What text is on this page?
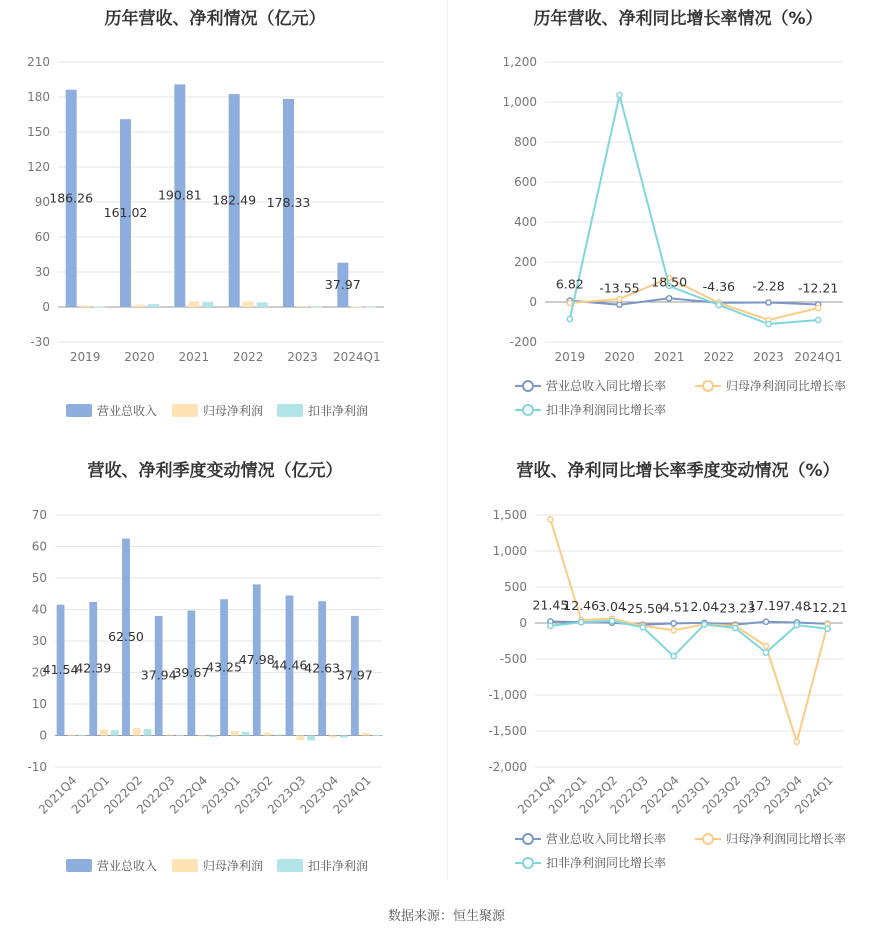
历年营收、净利情况（亿元）
210
180
150
120
90
60
30
0
-30
2019 2020 2021 2022 2023 2024Q1
186.26
161.02
190.81 182.49 178.33
37.97
营业总收入	归母净利润	扣非净利润
历年营收、净利同比增长率情况（%）
1,200
1,000
800
600
400
200
0
-200
2019 2020 2021 2022 2023 2024Q1
6.82 -13.55 18.50 -4.36 -2.28 -12.21
营业总收入同比增长率	归母净利润同比增长率
扣非净利润同比增长率
营收、净利季度变动情况（亿元）
70
60
50
40
30
20
10
0
-10
2021Q4
2022Q1
2022Q2
2022Q3
2022Q4
2023Q1
2023Q2
2023Q3
2023Q4
2024Q1
41.54
42.39
62.50
37.94
39.67
43.25
47.98
44.46
42.63
37.97
营业总收入	归母净利润	扣非净利润
营收、净利同比增长率季度变动情况（%）
1,500
1,000
500
0
-500
-1,000
-1,500
-2,000
2021Q4
2022Q1
2022Q2
2022Q3
2022Q4
2023Q1
2023Q2
2023Q3
2023Q4
2024Q1
21.45
12.46
3.04
-25.50
-4.51 2.04
-23.23
17.19
7.48
-12.21
营业总收入同比增长率	归母净利润同比增长率
扣非净利润同比增长率
数据来源：恒生聚源
